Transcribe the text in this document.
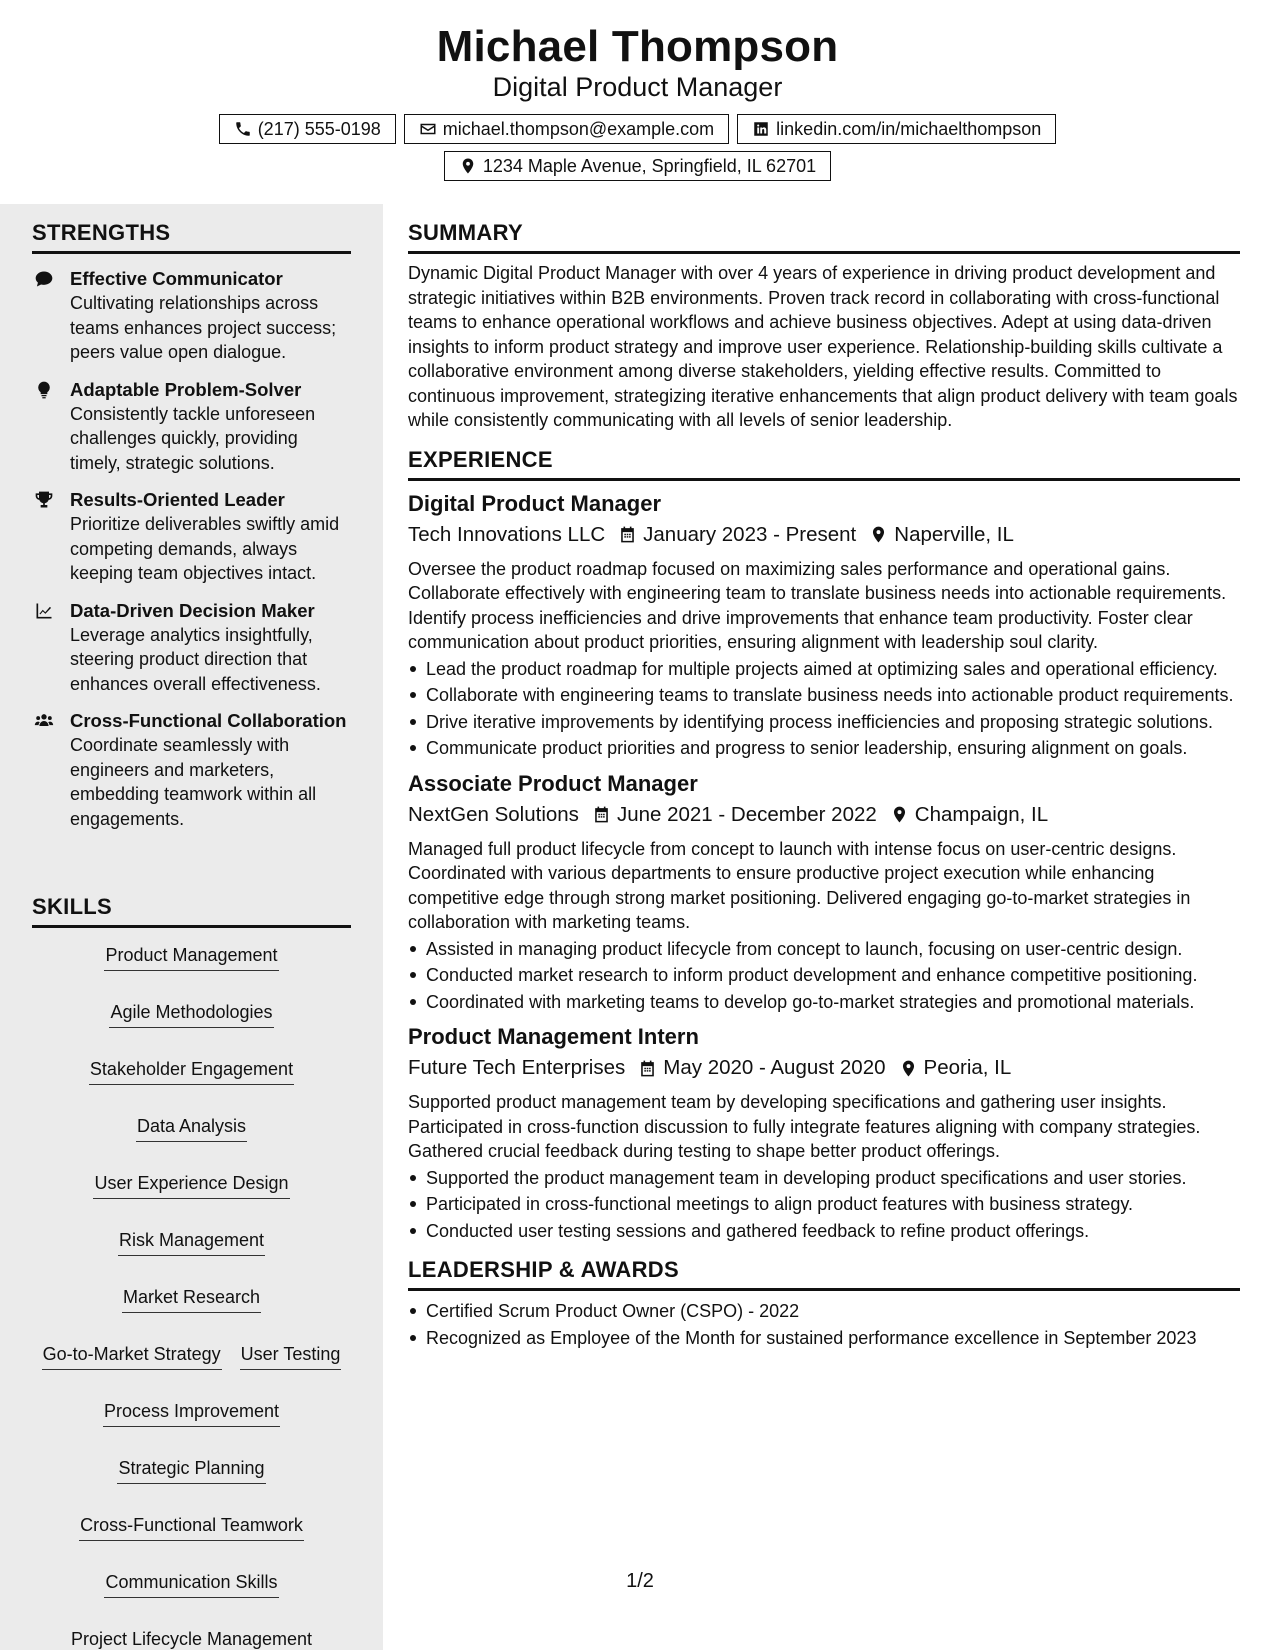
Michael Thompson
Digital Product Manager
(217) 555-0198	michael.thompson@example.com	linkedin.com/in/michaelthompson
1234 Maple Avenue, Springfield, IL 62701
STRENGTHS
Effective Communicator
Cultivating relationships across teams enhances project success; peers value open dialogue.
Adaptable Problem-Solver
Consistently tackle unforeseen challenges quickly, providing timely, strategic solutions.
Results-Oriented Leader
Prioritize deliverables swiftly amid competing demands, always keeping team objectives intact.
Data-Driven Decision Maker
Leverage analytics insightfully, steering product direction that enhances overall effectiveness.
Cross-Functional Collaboration
Coordinate seamlessly with engineers and marketers, embedding teamwork within all engagements.
SKILLS
Product Management
Agile Methodologies
Stakeholder Engagement
Data Analysis
User Experience Design
Risk Management
Market Research
Go-to-Market Strategy User Testing
Process Improvement
Strategic Planning
Cross-Functional Teamwork
Communication Skills
Project Lifecycle Management
SUMMARY
Dynamic Digital Product Manager with over 4 years of experience in driving product development and strategic initiatives within B2B environments. Proven track record in collaborating with cross-functional teams to enhance operational workflows and achieve business objectives. Adept at using data-driven insights to inform product strategy and improve user experience. Relationship-building skills cultivate a collaborative environment among diverse stakeholders, yielding effective results. Committed to continuous improvement, strategizing iterative enhancements that align product delivery with team goals while consistently communicating with all levels of senior leadership.
EXPERIENCE
Digital Product Manager
Tech Innovations LLC January 2023 - Present Naperville, IL
Oversee the product roadmap focused on maximizing sales performance and operational gains. Collaborate effectively with engineering team to translate business needs into actionable requirements. Identify process inefficiencies and drive improvements that enhance team productivity. Foster clear communication about product priorities, ensuring alignment with leadership soul clarity.
Lead the product roadmap for multiple projects aimed at optimizing sales and operational efficiency.
Collaborate with engineering teams to translate business needs into actionable product requirements.
Drive iterative improvements by identifying process inefficiencies and proposing strategic solutions.
Communicate product priorities and progress to senior leadership, ensuring alignment on goals.
Associate Product Manager
NextGen Solutions June 2021 - December 2022 Champaign, IL
Managed full product lifecycle from concept to launch with intense focus on user-centric designs. Coordinated with various departments to ensure productive project execution while enhancing competitive edge through strong market positioning. Delivered engaging go-to-market strategies in collaboration with marketing teams.
Assisted in managing product lifecycle from concept to launch, focusing on user-centric design.
Conducted market research to inform product development and enhance competitive positioning.
Coordinated with marketing teams to develop go-to-market strategies and promotional materials.
Product Management Intern
Future Tech Enterprises May 2020 - August 2020 Peoria, IL
Supported product management team by developing specifications and gathering user insights. Participated in cross-function discussion to fully integrate features aligning with company strategies. Gathered crucial feedback during testing to shape better product offerings.
Supported the product management team in developing product specifications and user stories.
Participated in cross-functional meetings to align product features with business strategy.
Conducted user testing sessions and gathered feedback to refine product offerings.
LEADERSHIP & AWARDS
Certified Scrum Product Owner (CSPO) - 2022
Recognized as Employee of the Month for sustained performance excellence in September 2023
1/2
